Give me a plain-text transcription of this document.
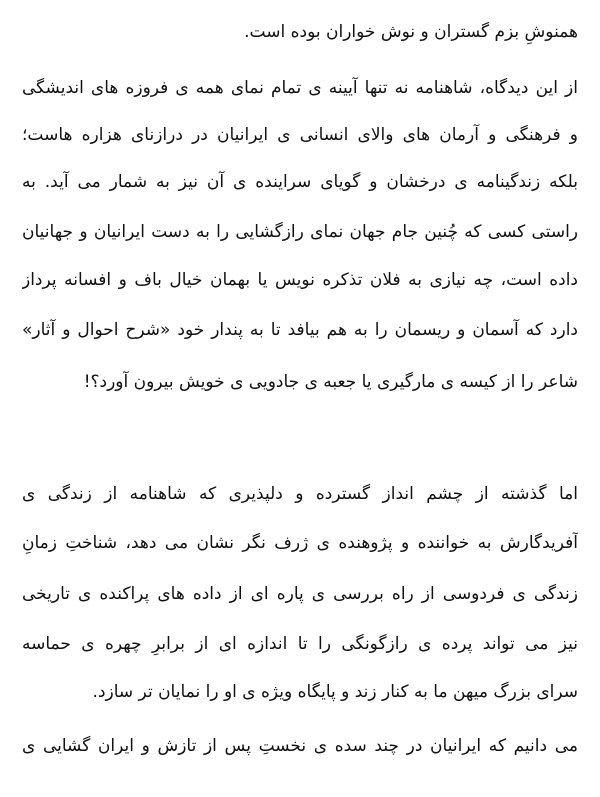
همنوشِ بزم گستران و نوش خواران بوده است.
از این دیدگاه، شاهنامه نه تنها آیینه ی تمام نمای همه ی فروزه های اندیشگی
و فرهنگی و آرمان های والای انسانی ی ایرانیان در درازنای هزاره هاست؛
بلکه زندگینامه ی درخشان و گویای سراینده ی آن نیز به شمار می آید. به
راستی کسی که چُنین جام جهان نمای رازگشایی را به دست ایرانیان و جهانیان
داده است، چه نیازی به فلان تذکره نویس یا بهمان خیال باف و افسانه پرداز
دارد که آسمان و ریسمان را به هم بیافد تا به پندار خود «شرح احوال و آثار»
شاعر را از کیسه ی مارگیری یا جعبه ی جادویی ی خویش بیرون آورد؟!
اما گذشته از چشم انداز گسترده و دلپذیری که شاهنامه از زندگی ی
آفریدگارش به خواننده و پژوهنده ی ژرف نگر نشان می دهد، شناختِ زمانِ
زندگی ی فردوسی از راه بررسی ی پاره ای از داده های پراکنده ی تاریخی
نیز می تواند پرده ی رازگونگی را تا اندازه ای از برابرِ چهره ی حماسه
سرای بزرگ میهن ما به کنار زند و پایگاه ویژه ی او را نمایان تر سازد.
می دانیم که ایرانیان در چند سده ی نخستِ پس از تازش و ایران گشایی ی
